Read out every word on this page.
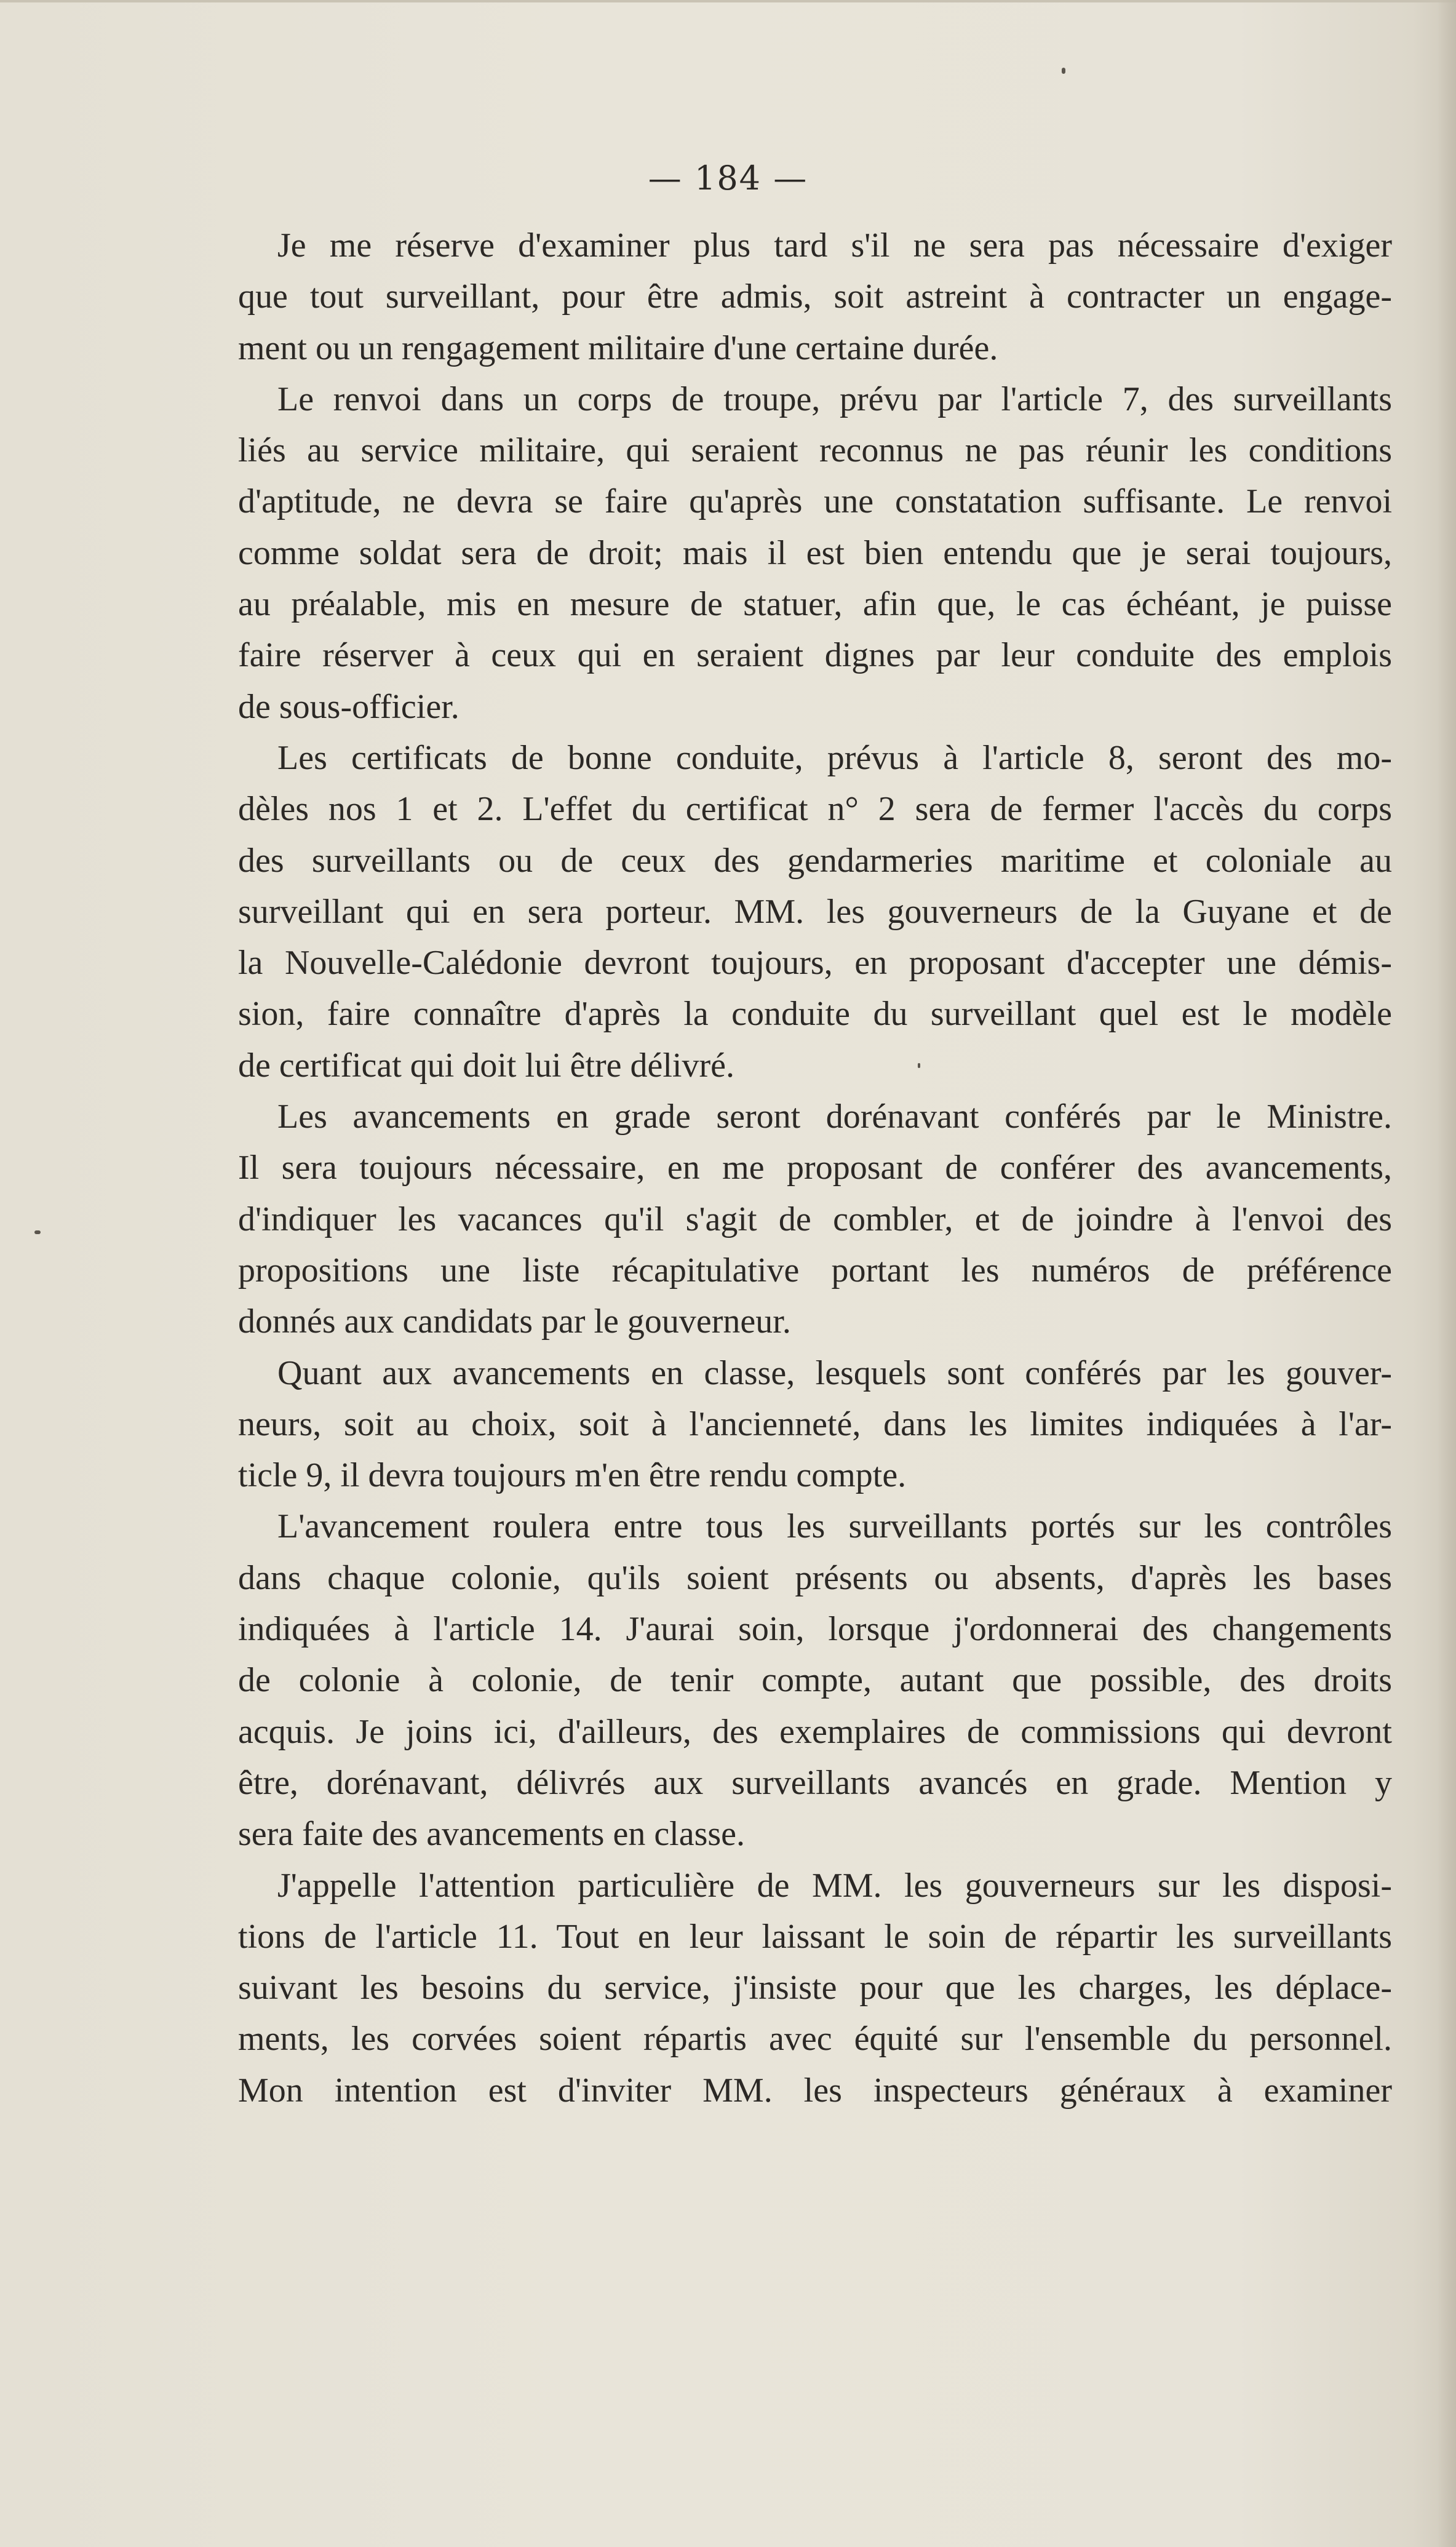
— 184 —
Je me réserve d'examiner plus tard s'il ne sera pas nécessaire d'exiger
que tout surveillant, pour être admis, soit astreint à contracter un engage-
ment ou un rengagement militaire d'une certaine durée.
Le renvoi dans un corps de troupe, prévu par l'article 7, des surveillants
liés au service militaire, qui seraient reconnus ne pas réunir les conditions
d'aptitude, ne devra se faire qu'après une constatation suffisante. Le renvoi
comme soldat sera de droit; mais il est bien entendu que je serai toujours,
au préalable, mis en mesure de statuer, afin que, le cas échéant, je puisse
faire réserver à ceux qui en seraient dignes par leur conduite des emplois
de sous-officier.
Les certificats de bonne conduite, prévus à l'article 8, seront des mo-
dèles nos 1 et 2. L'effet du certificat n° 2 sera de fermer l'accès du corps
des surveillants ou de ceux des gendarmeries maritime et coloniale au
surveillant qui en sera porteur. MM. les gouverneurs de la Guyane et de
la Nouvelle-Calédonie devront toujours, en proposant d'accepter une démis-
sion, faire connaître d'après la conduite du surveillant quel est le modèle
de certificat qui doit lui être délivré.
Les avancements en grade seront dorénavant conférés par le Ministre.
Il sera toujours nécessaire, en me proposant de conférer des avancements,
d'indiquer les vacances qu'il s'agit de combler, et de joindre à l'envoi des
propositions une liste récapitulative portant les numéros de préférence
donnés aux candidats par le gouverneur.
Quant aux avancements en classe, lesquels sont conférés par les gouver-
neurs, soit au choix, soit à l'ancienneté, dans les limites indiquées à l'ar-
ticle 9, il devra toujours m'en être rendu compte.
L'avancement roulera entre tous les surveillants portés sur les contrôles
dans chaque colonie, qu'ils soient présents ou absents, d'après les bases
indiquées à l'article 14. J'aurai soin, lorsque j'ordonnerai des changements
de colonie à colonie, de tenir compte, autant que possible, des droits
acquis. Je joins ici, d'ailleurs, des exemplaires de commissions qui devront
être, dorénavant, délivrés aux surveillants avancés en grade. Mention y
sera faite des avancements en classe.
J'appelle l'attention particulière de MM. les gouverneurs sur les disposi-
tions de l'article 11. Tout en leur laissant le soin de répartir les surveillants
suivant les besoins du service, j'insiste pour que les charges, les déplace-
ments, les corvées soient répartis avec équité sur l'ensemble du personnel.
Mon intention est d'inviter MM. les inspecteurs généraux à examiner
